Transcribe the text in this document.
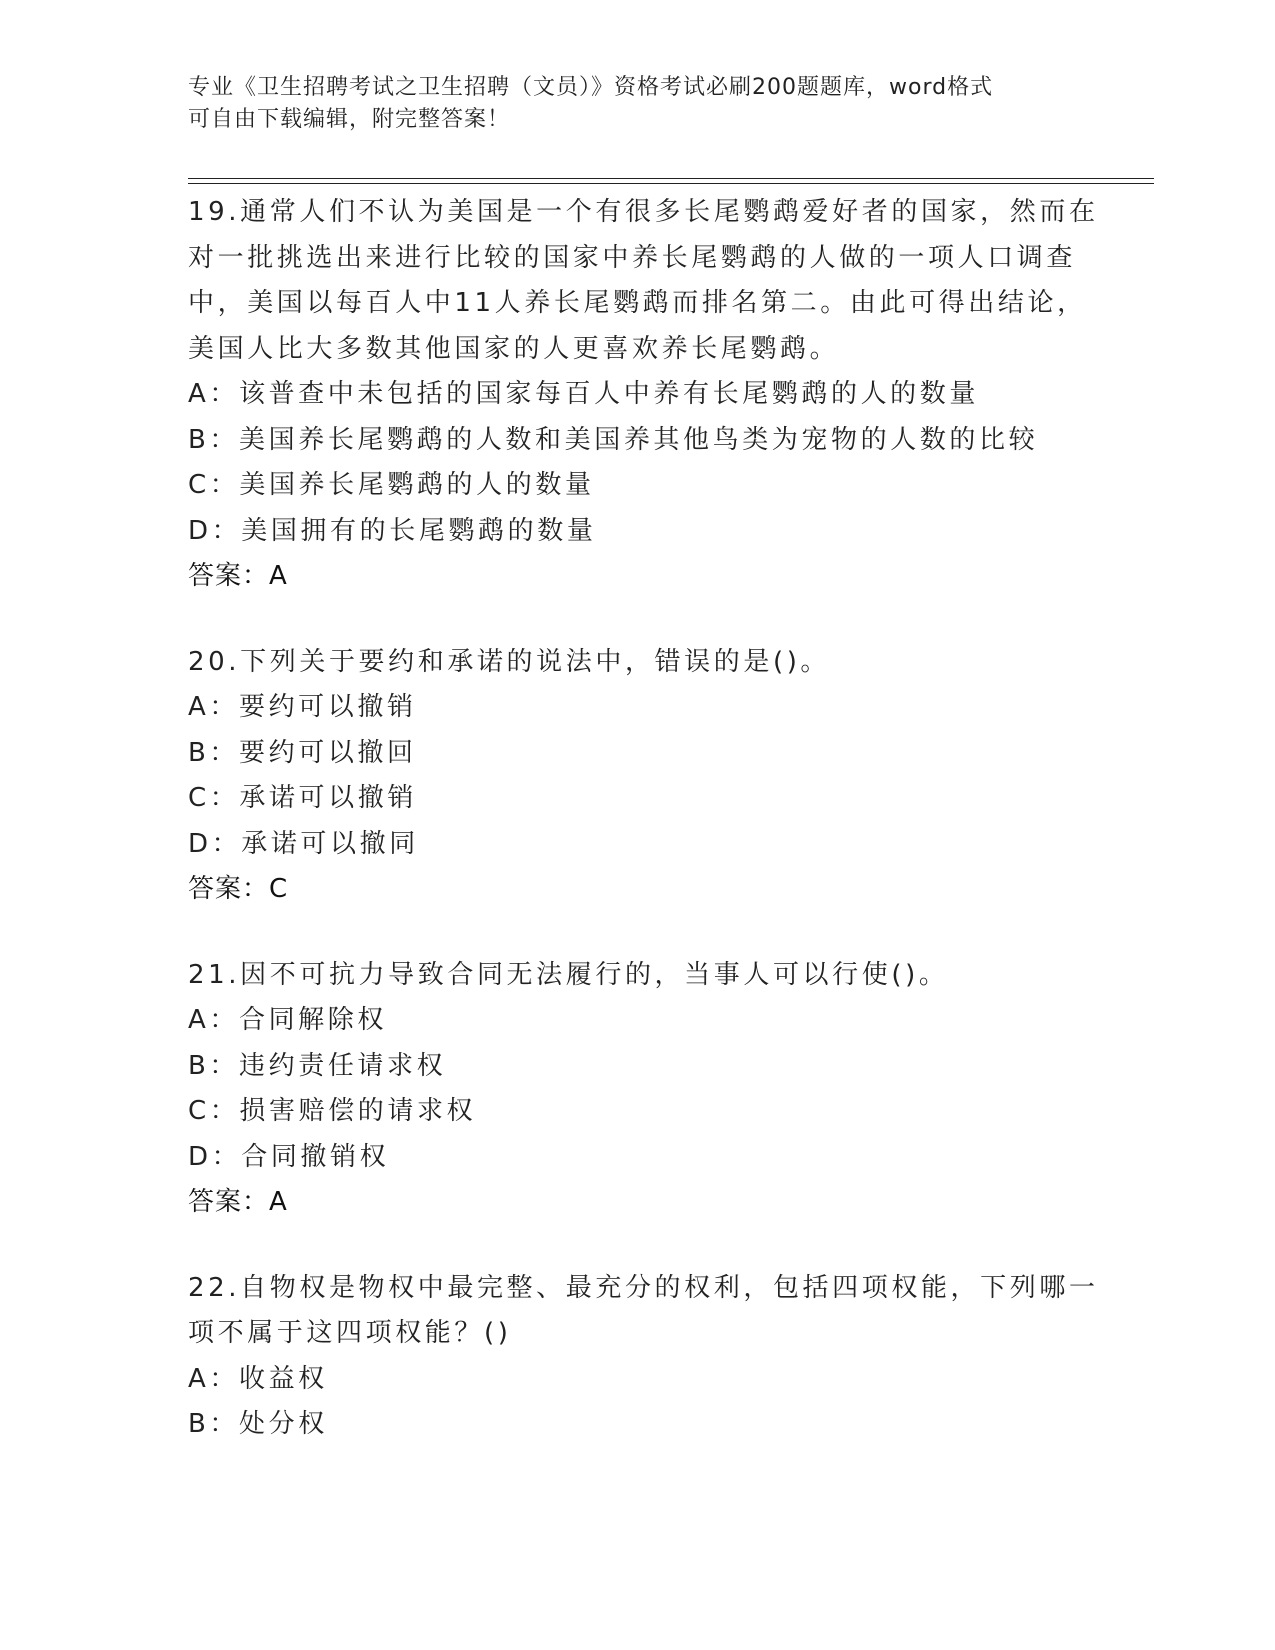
专业《卫生招聘考试之卫生招聘（文员）》资格考试必刷200题题库，word格式
可自由下载编辑，附完整答案！
19.通常人们不认为美国是一个有很多长尾鹦鹉爱好者的国家，然而在
对一批挑选出来进行比较的国家中养长尾鹦鹉的人做的一项人口调查
中，美国以每百人中11人养长尾鹦鹉而排名第二。由此可得出结论，
美国人比大多数其他国家的人更喜欢养长尾鹦鹉。
A：该普查中未包括的国家每百人中养有长尾鹦鹉的人的数量
B：美国养长尾鹦鹉的人数和美国养其他鸟类为宠物的人数的比较
C：美国养长尾鹦鹉的人的数量
D：美国拥有的长尾鹦鹉的数量
答案：A
20.下列关于要约和承诺的说法中，错误的是()。
A：要约可以撤销
B：要约可以撤回
C：承诺可以撤销
D：承诺可以撤同
答案：C
21.因不可抗力导致合同无法履行的，当事人可以行使()。
A：合同解除权
B：违约责任请求权
C：损害赔偿的请求权
D：合同撤销权
答案：A
22.自物权是物权中最完整、最充分的权利，包括四项权能，下列哪一
项不属于这四项权能？()
A：收益权
B：处分权
